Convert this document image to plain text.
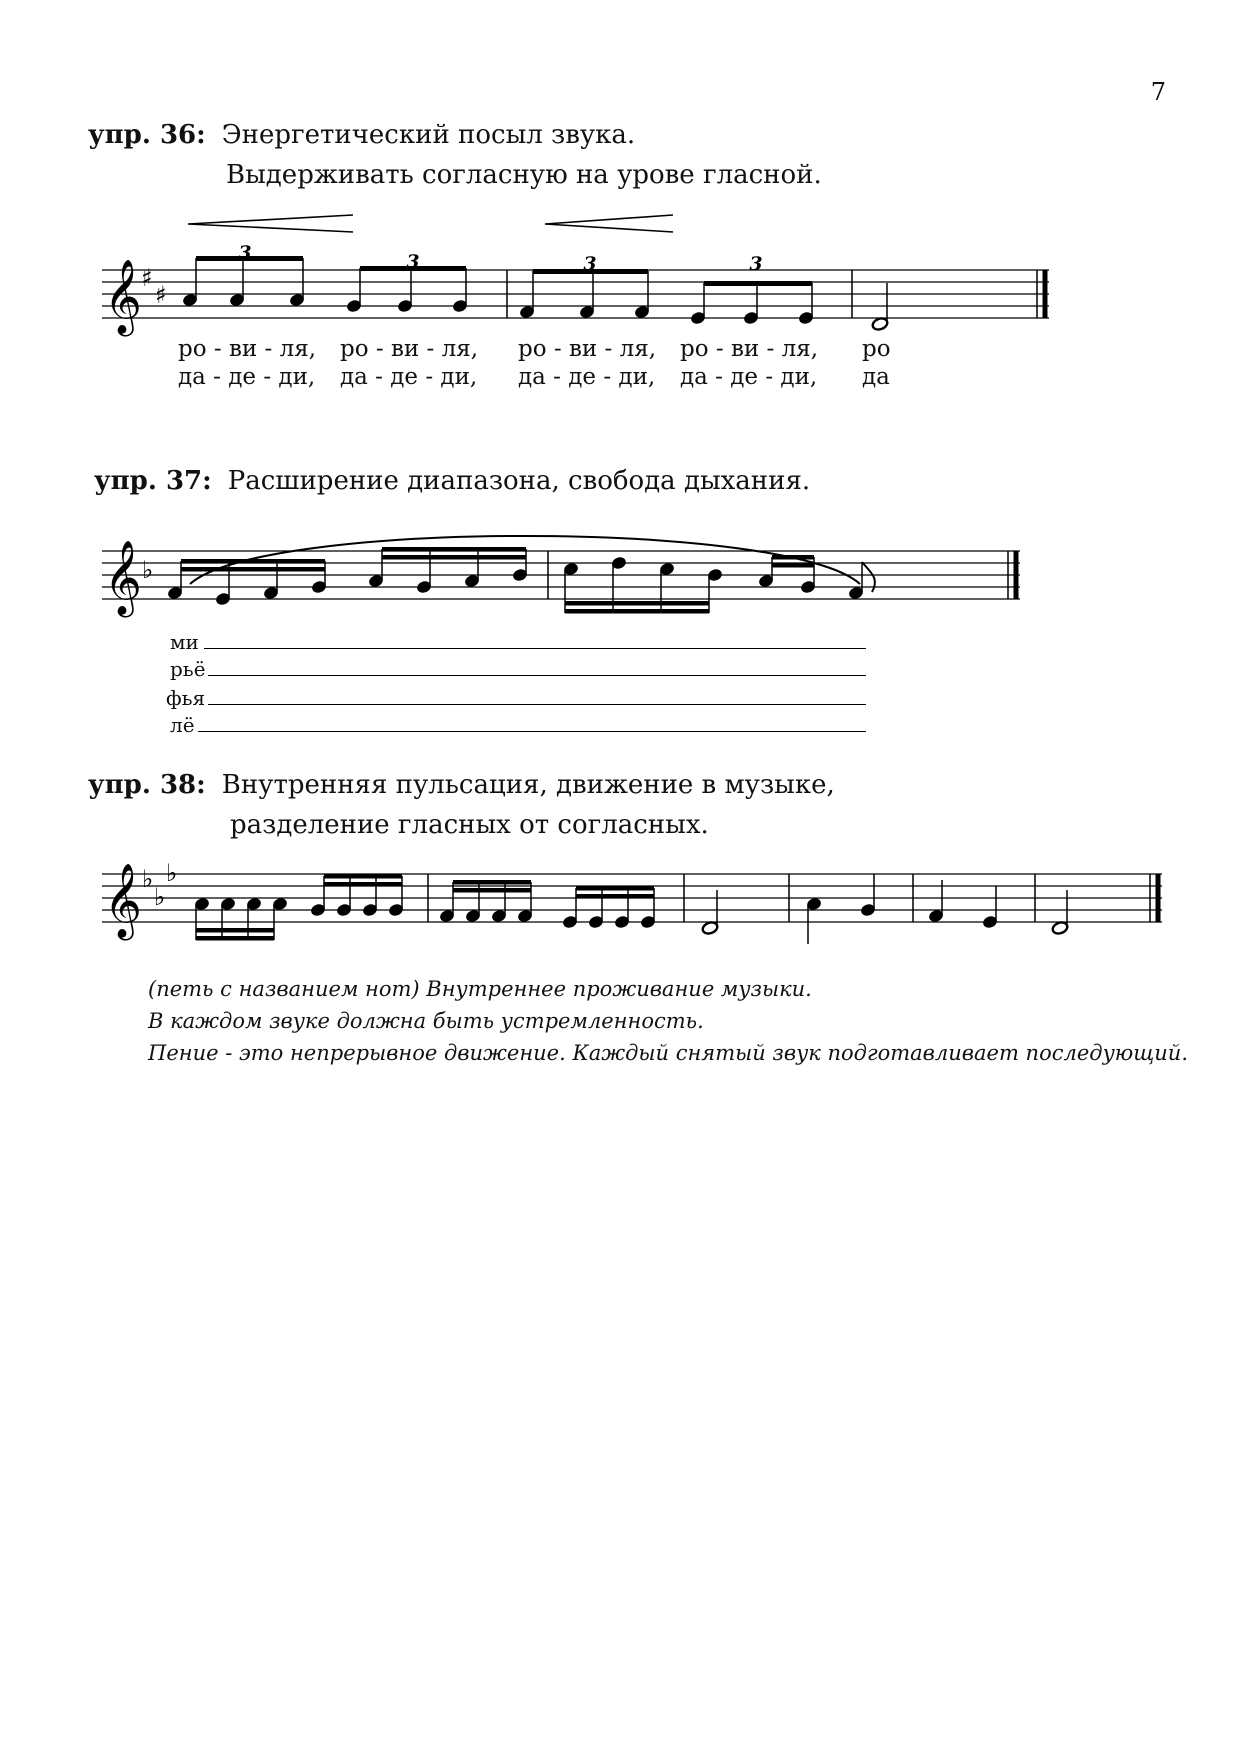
7
упр. 36: Энергетический посыл звука.
Выдерживать согласную на урове гласной.
𝄞 ♯
♯
3	3	3	3
ро - ви - ля, ро - ви - ля, ро - ви - ля, ро - ви - ля, ро
да - де - ди, да - де - ди, да - де - ди, да - де - ди, да
упр. 37: Расширение диапазона, свобода дыхания.
𝄞 ♭
ми
рьё
фья
лё
упр. 38: Внутренняя пульсация, движение в музыке,
разделение гласных от согласных.
𝄞 ♭
♭
♭
(петь с названием нот) Внутреннее проживание музыки.
В каждом звуке должна быть устремленность.
Пение - это непрерывное движение. Каждый снятый звук подготавливает последующий.
